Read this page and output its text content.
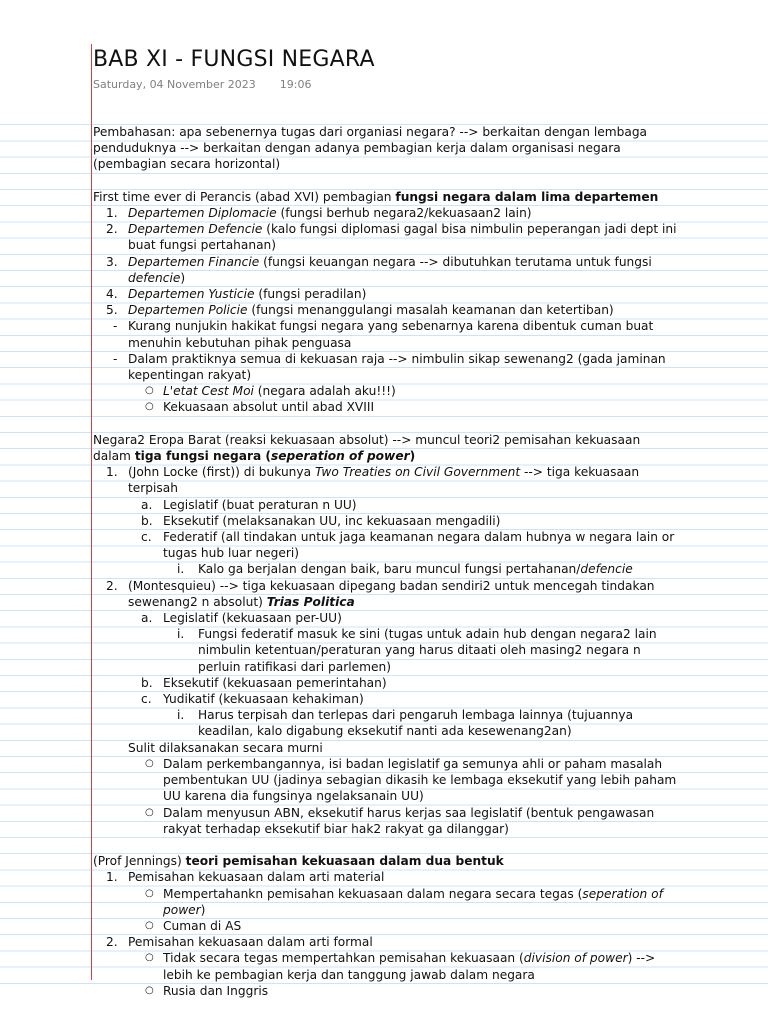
BAB XI - FUNGSI NEGARA
Saturday, 04 November 2023 19:06
Pembahasan: apa sebenernya tugas dari organiasi negara? --> berkaitan dengan lembaga penduduknya --> berkaitan dengan adanya pembagian kerja dalam organisasi negara (pembagian secara horizontal)
First time ever di Perancis (abad XVI) pembagian fungsi negara dalam lima departemen
1. Departemen Diplomacie (fungsi berhub negara2/kekuasaan2 lain)
2. Departemen Defencie (kalo fungsi diplomasi gagal bisa nimbulin peperangan jadi dept ini buat fungsi pertahanan)
3. Departemen Financie (fungsi keuangan negara --> dibutuhkan terutama untuk fungsi defencie)
4. Departemen Yusticie (fungsi peradilan)
5. Departemen Policie (fungsi menanggulangi masalah keamanan dan ketertiban)
- Kurang nunjukin hakikat fungsi negara yang sebenarnya karena dibentuk cuman buat menuhin kebutuhan pihak penguasa
- Dalam praktiknya semua di kekuasan raja --> nimbulin sikap sewenang2 (gada jaminan kepentingan rakyat)
○ L'etat Cest Moi (negara adalah aku!!!)
○ Kekuasaan absolut until abad XVIII
Negara2 Eropa Barat (reaksi kekuasaan absolut) --> muncul teori2 pemisahan kekuasaan dalam tiga fungsi negara (seperation of power)
1. (John Locke (first)) di bukunya Two Treaties on Civil Government --> tiga kekuasaan terpisah
a. Legislatif (buat peraturan n UU)
b. Eksekutif (melaksanakan UU, inc kekuasaan mengadili)
c. Federatif (all tindakan untuk jaga keamanan negara dalam hubnya w negara lain or tugas hub luar negeri)
i.	Kalo ga berjalan dengan baik, baru muncul fungsi pertahanan/defencie
2. (Montesquieu) --> tiga kekuasaan dipegang badan sendiri2 untuk mencegah tindakan sewenang2 n absolut) Trias Politica
a. Legislatif (kekuasaan per-UU)
i.	Fungsi federatif masuk ke sini (tugas untuk adain hub dengan negara2 lain nimbulin ketentuan/peraturan yang harus ditaati oleh masing2 negara n perluin ratifikasi dari parlemen)
b. Eksekutif (kekuasaan pemerintahan)
c. Yudikatif (kekuasaan kehakiman)
i.	Harus terpisah dan terlepas dari pengaruh lembaga lainnya (tujuannya keadilan, kalo digabung eksekutif nanti ada kesewenang2an)
Sulit dilaksanakan secara murni
○ Dalam perkembangannya, isi badan legislatif ga semunya ahli or paham masalah pembentukan UU (jadinya sebagian dikasih ke lembaga eksekutif yang lebih paham UU karena dia fungsinya ngelaksanain UU)
○ Dalam menyusun ABN, eksekutif harus kerjas saa legislatif (bentuk pengawasan rakyat terhadap eksekutif biar hak2 rakyat ga dilanggar)
(Prof Jennings) teori pemisahan kekuasaan dalam dua bentuk
1. Pemisahan kekuasaan dalam arti material
○ Mempertahankn pemisahan kekuasaan dalam negara secara tegas (seperation of power)
○ Cuman di AS
2. Pemisahan kekuasaan dalam arti formal
○ Tidak secara tegas mempertahkan pemisahan kekuasaan (division of power) --> lebih ke pembagian kerja dan tanggung jawab dalam negara
○ Rusia dan Inggris
